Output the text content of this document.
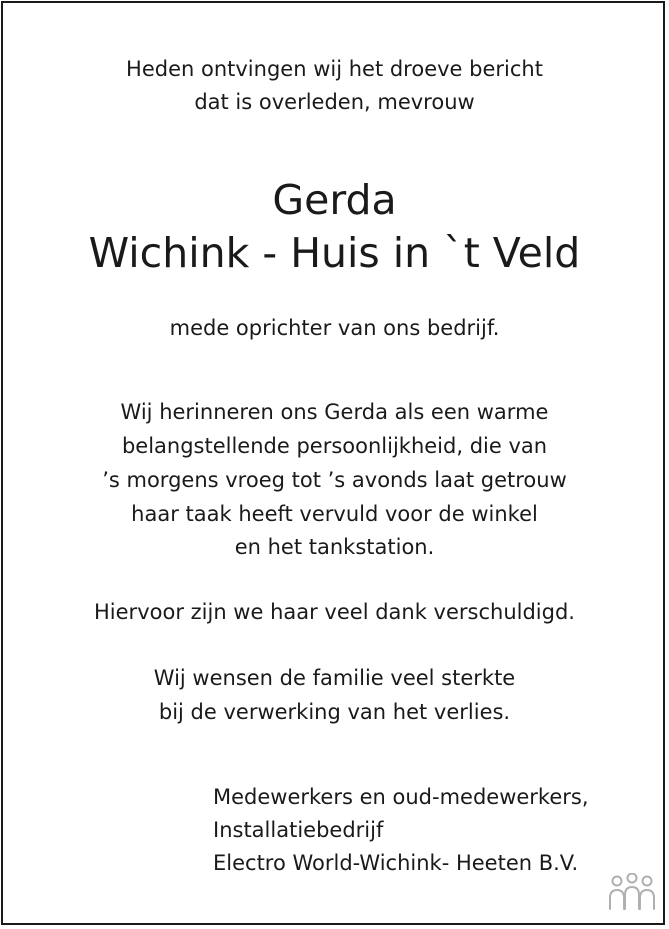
Heden ontvingen wij het droeve bericht
dat is overleden, mevrouw
Gerda
Wichink - Huis in `t Veld
mede oprichter van ons bedrijf.
Wij herinneren ons Gerda als een warme
belangstellende persoonlijkheid, die van
’s morgens vroeg tot ’s avonds laat getrouw
haar taak heeft vervuld voor de winkel
en het tankstation.
Hiervoor zijn we haar veel dank verschuldigd.
Wij wensen de familie veel sterkte
bij de verwerking van het verlies.
Medewerkers en oud-medewerkers,
Installatiebedrijf
Electro World-Wichink- Heeten B.V.
